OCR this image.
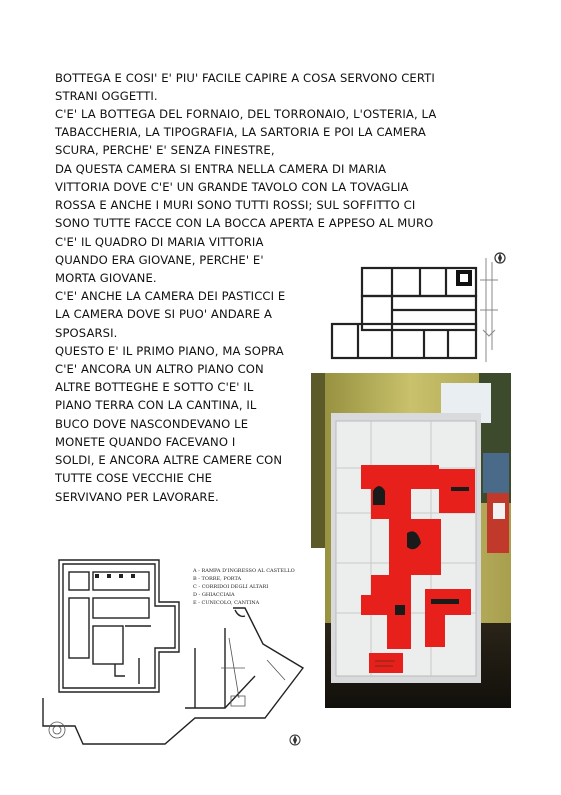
BOTTEGA E COSI' E' PIU' FACILE CAPIRE A COSA SERVONO CERTI
STRANI OGGETTI.
C'E' LA BOTTEGA DEL FORNAIO, DEL TORRONAIO, L'OSTERIA, LA
TABACCHERIA, LA TIPOGRAFIA, LA SARTORIA E POI LA CAMERA
SCURA, PERCHE' E' SENZA FINESTRE,
DA QUESTA CAMERA SI ENTRA NELLA CAMERA DI MARIA
VITTORIA DOVE C'E' UN GRANDE TAVOLO CON LA TOVAGLIA
ROSSA E ANCHE I MURI SONO TUTTI ROSSI; SUL SOFFITTO CI
SONO TUTTE FACCE CON LA BOCCA APERTA E APPESO AL MURO
C'E' IL QUADRO DI MARIA VITTORIA
QUANDO ERA GIOVANE, PERCHE' E'
MORTA GIOVANE.
C'E' ANCHE LA CAMERA DEI PASTICCI E
LA CAMERA DOVE SI PUO' ANDARE A
SPOSARSI.
QUESTO E' IL PRIMO PIANO, MA SOPRA
C'E' ANCORA UN ALTRO PIANO CON
ALTRE BOTTEGHE E SOTTO C'E' IL
PIANO TERRA CON LA CANTINA, IL
BUCO DOVE NASCONDEVANO LE
MONETE QUANDO FACEVANO I
SOLDI, E ANCORA ALTRE CAMERE CON
TUTTE COSE VECCHIE CHE
SERVIVANO PER LAVORARE.
A - RAMPA D'INGRESSO AL CASTELLO
B - TORRE, PORTA
C - CORRIDOI DEGLI ALTARI
D - GHIACCIAIA
E - CUNICOLO, CANTINA
